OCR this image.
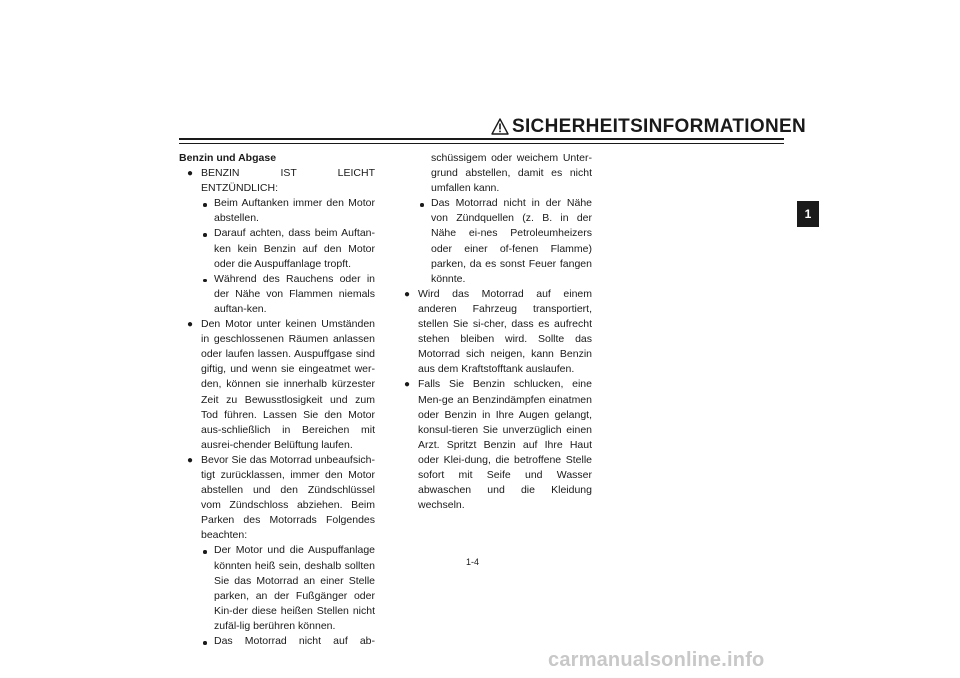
SICHERHEITSINFORMATIONEN
1
Benzin und Abgase
● BENZIN IST LEICHT ENTZÜNDLICH:
Beim Auftanken immer den Motor abstellen.
Darauf achten, dass beim Auftan-ken kein Benzin auf den Motor oder die Auspuffanlage tropft.
Während des Rauchens oder in der Nähe von Flammen niemals auftan-ken.
● Den Motor unter keinen Umständen in geschlossenen Räumen anlassen oder laufen lassen. Auspuffgase sind giftig, und wenn sie eingeatmet wer-den, können sie innerhalb kürzester Zeit zu Bewusstlosigkeit und zum Tod führen. Lassen Sie den Motor aus-schließlich in Bereichen mit ausrei-chender Belüftung laufen.
● Bevor Sie das Motorrad unbeaufsich-tigt zurücklassen, immer den Motor abstellen und den Zündschlüssel vom Zündschloss abziehen. Beim Parken des Motorrads Folgendes beachten:
Der Motor und die Auspuffanlage könnten heiß sein, deshalb sollten Sie das Motorrad an einer Stelle parken, an der Fußgänger oder Kin-der diese heißen Stellen nicht zufäl-lig berühren können.
Das Motorrad nicht auf ab-
schüssigem oder weichem Unter-grund abstellen, damit es nicht umfallen kann.
Das Motorrad nicht in der Nähe von Zündquellen (z. B. in der Nähe ei-nes Petroleumheizers oder einer of-fenen Flamme) parken, da es sonst Feuer fangen könnte.
● Wird das Motorrad auf einem anderen Fahrzeug transportiert, stellen Sie si-cher, dass es aufrecht stehen bleiben wird. Sollte das Motorrad sich neigen, kann Benzin aus dem Kraftstofftank auslaufen.
● Falls Sie Benzin schlucken, eine Men-ge an Benzindämpfen einatmen oder Benzin in Ihre Augen gelangt, konsul-tieren Sie unverzüglich einen Arzt. Spritzt Benzin auf Ihre Haut oder Klei-dung, die betroffene Stelle sofort mit Seife und Wasser abwaschen und die Kleidung wechseln.
1-4
carmanualsonline.info
